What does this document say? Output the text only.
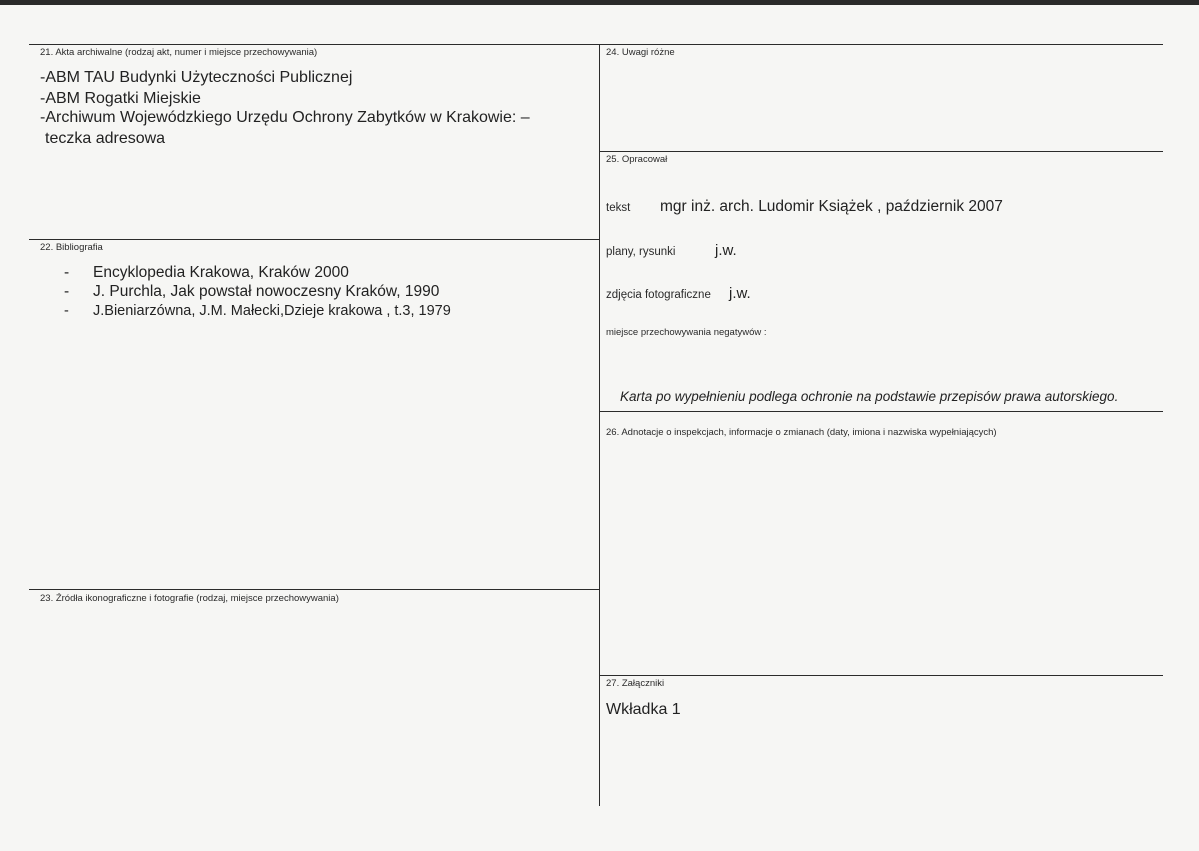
21. Akta archiwalne (rodzaj akt, numer i miejsce przechowywania)
-ABM TAU Budynki Użyteczności Publicznej
-ABM Rogatki Miejskie
-Archiwum Wojewódzkiego Urzędu Ochrony Zabytków w Krakowie: –
teczka adresowa
22. Bibliografia
- Encyklopedia Krakowa, Kraków 2000
- J. Purchla, Jak powstał nowoczesny Kraków, 1990
- J.Bieniarzówna, J.M. Małecki,Dzieje krakowa , t.3, 1979
23. Źródła ikonograficzne i fotografie (rodzaj, miejsce przechowywania)
24. Uwagi różne
25. Opracował
tekst mgr inż. arch. Ludomir Książek , październik 2007
plany, rysunki	j.w.
zdjęcia fotograficzne j.w.
miejsce przechowywania negatywów :
Karta po wypełnieniu podlega ochronie na podstawie przepisów prawa autorskiego.
26. Adnotacje o inspekcjach, informacje o zmianach (daty, imiona i nazwiska wypełniających)
27. Załączniki
Wkładka 1
